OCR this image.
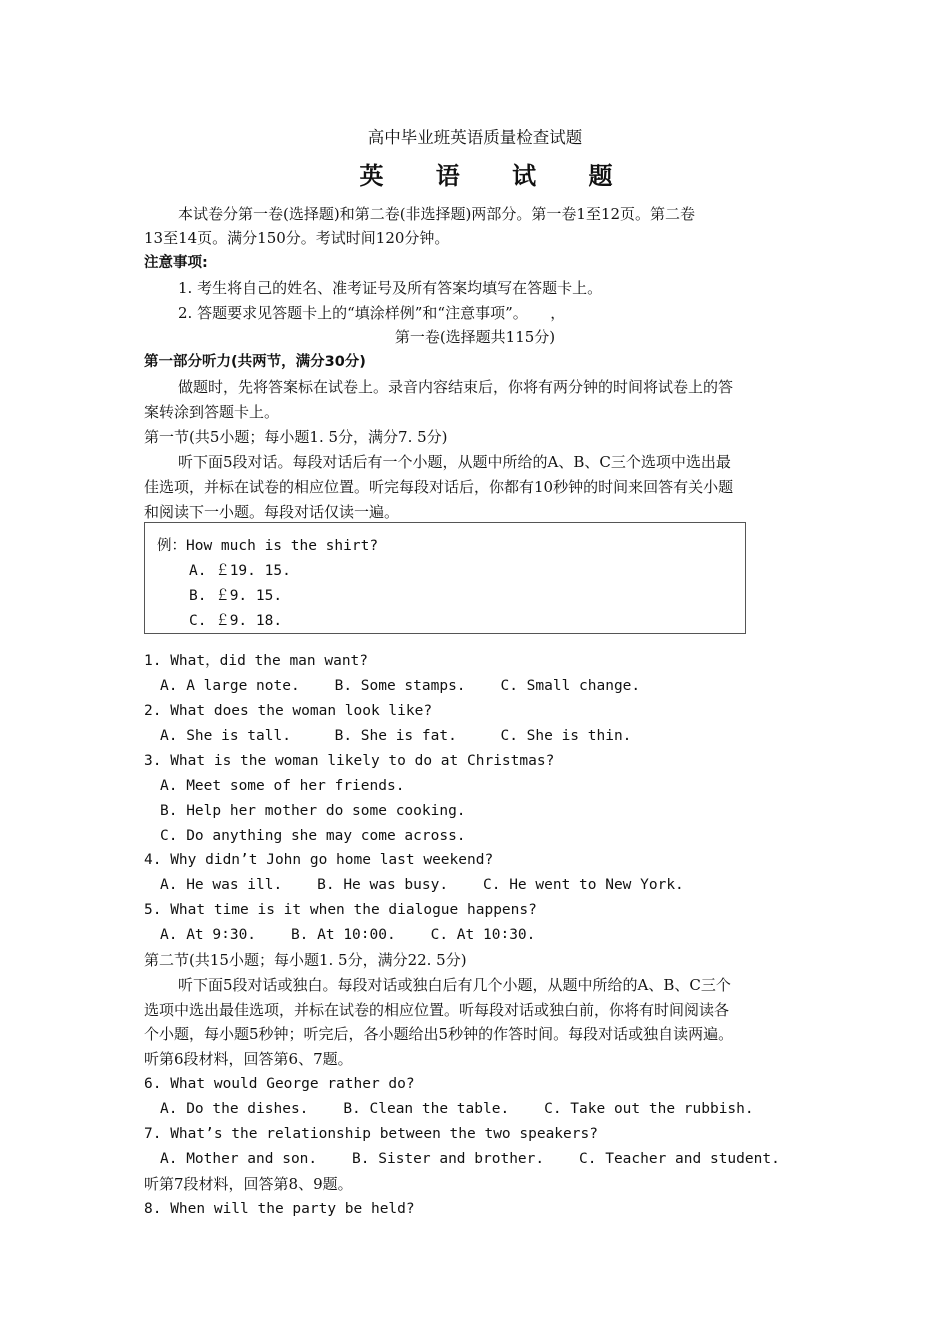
高中毕业班英语质量检查试题
英 语 试 题
本试卷分第一卷(选择题)和第二卷(非选择题)两部分。第一卷1至12页。第二卷
13至14页。满分150分。考试时间120分钟。
注意事项:
1. 考生将自己的姓名、准考证号及所有答案均填写在答题卡上。
2. 答题要求见答题卡上的“填涂样例”和“注意事项”。　　，
第一卷(选择题共115分)
第一部分听力(共两节，满分30分)
做题时，先将答案标在试卷上。录音内容结束后，你将有两分钟的时间将试卷上的答
案转涂到答题卡上。
第一节(共5小题；每小题1. 5分，满分7. 5分)
听下面5段对话。每段对话后有一个小题，从题中所给的A、B、C三个选项中选出最
佳选项，并标在试卷的相应位置。听完每段对话后，你都有10秒钟的时间来回答有关小题
和阅读下一小题。每段对话仅读一遍。
例：How much is the shirt?
A. ￡19. 15.
B. ￡9. 15.
C. ￡9. 18.
1. What，did the man want?
A. A large note.    B. Some stamps.    C. Small change.
2. What does the woman look like?
A. She is tall.     B. She is fat.     C. She is thin.
3. What is the woman likely to do at Christmas?
A. Meet some of her friends.
B. Help her mother do some cooking.
C. Do anything she may come across.
4. Why didn’t John go home last weekend?
A. He was ill.    B. He was busy.    C. He went to New York.
5. What time is it when the dialogue happens?
A. At 9∶30.    B. At 10∶00.    C. At 10∶30.
第二节(共15小题；每小题1. 5分，满分22. 5分)
听下面5段对话或独白。每段对话或独白后有几个小题，从题中所给的A、B、C三个
选项中选出最佳选项，并标在试卷的相应位置。听每段对话或独白前，你将有时间阅读各
个小题，每小题5秒钟；听完后，各小题给出5秒钟的作答时间。每段对话或独自读两遍。
听第6段材料，回答第6、7题。
6. What would George rather do?
A. Do the dishes.    B. Clean the table.    C. Take out the rubbish.
7. What’s the relationship between the two speakers?
A. Mother and son.    B. Sister and brother.    C. Teacher and student.
听第7段材料，回答第8、9题。
8. When will the party be held?
